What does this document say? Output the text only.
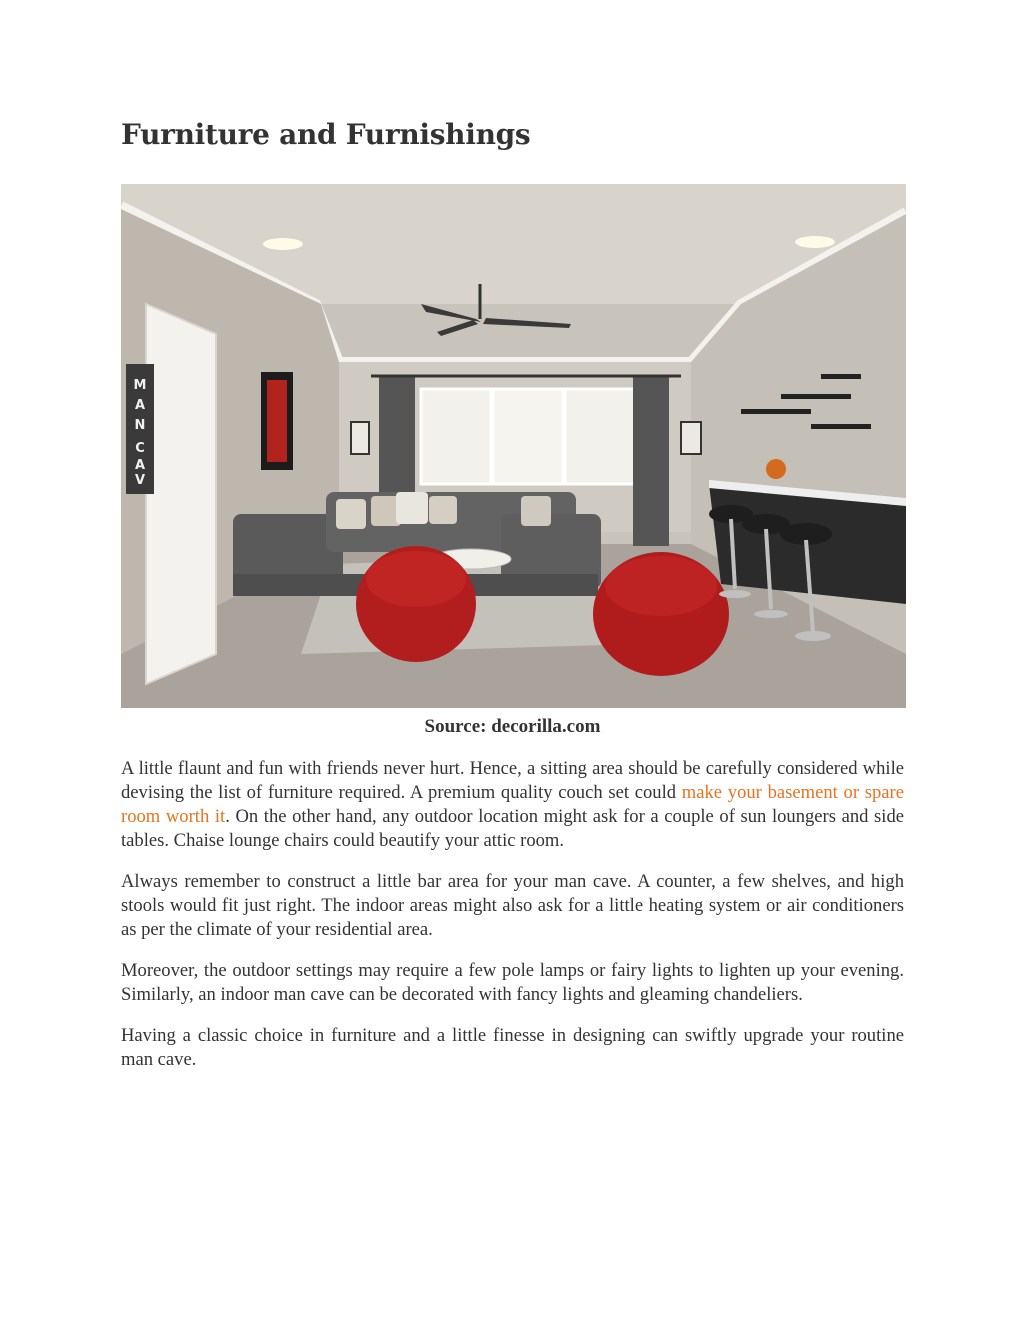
Furniture and Furnishings
M
A
N
C
A
V
Source: decorilla.com

A little flaunt and fun with friends never hurt. Hence, a sitting area should be carefully considered while devising the list of furniture required. A premium quality couch set could make your basement or spare room worth it. On the other hand, any outdoor location might ask for a couple of sun loungers and side tables. Chaise lounge chairs could beautify your attic room.

Always remember to construct a little bar area for your man cave. A counter, a few shelves, and high stools would fit just right. The indoor areas might also ask for a little heating system or air conditioners as per the climate of your residential area.

Moreover, the outdoor settings may require a few pole lamps or fairy lights to lighten up your evening. Similarly, an indoor man cave can be decorated with fancy lights and gleaming chandeliers.

Having a classic choice in furniture and a little finesse in designing can swiftly upgrade your routine man cave.
